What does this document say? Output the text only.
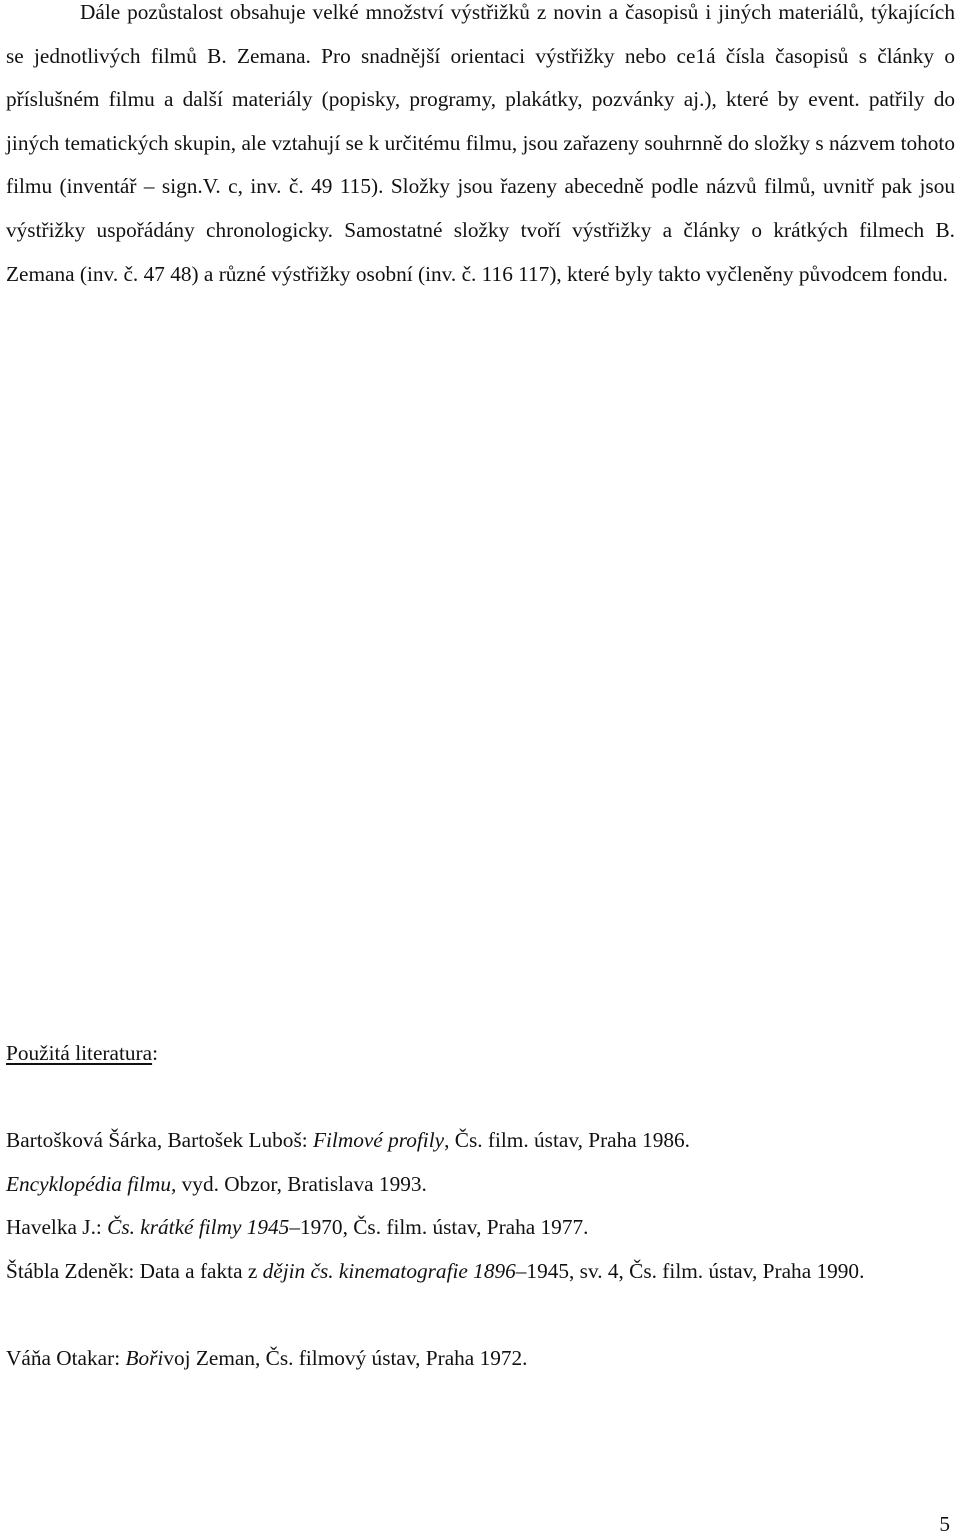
Dále pozůstalost obsahuje velké množství výstřižků z novin a časopisů i jiných materiálů, týkajících se jednotlivých filmů B. Zemana. Pro snadnější orientaci výstřižky nebo ce1á čísla časopisů s články o příslušném filmu a další materiály (popisky, programy, plakátky, pozvánky aj.), které by event. patřily do jiných tematických skupin, ale vztahují se k určitému filmu, jsou zařazeny souhrnně do složky s názvem tohoto filmu (inventář – sign.V. c, inv. č. 49 115). Složky jsou řazeny abecedně podle názvů filmů, uvnitř pak jsou výstřižky uspořádány chronologicky. Samostatné složky tvoří výstřižky a články o krátkých filmech B. Zemana (inv. č. 47 48) a různé výstřižky osobní (inv. č. 116 117), které byly takto vyčleněny původcem fondu.

Použitá literatura:

Bartošková Šárka, Bartošek Luboš: Filmové profily, Čs. film. ústav, Praha 1986.

Encyklopédia filmu, vyd. Obzor, Bratislava 1993.

Havelka J.: Čs. krátké filmy 1945–1970, Čs. film. ústav, Praha 1977.

Štábla Zdeněk: Data a fakta z dějin čs. kinematografie 1896–1945, sv. 4, Čs. film. ústav, Praha 1990.

Váňa Otakar: Bořivoj Zeman, Čs. filmový ústav, Praha 1972.

5
